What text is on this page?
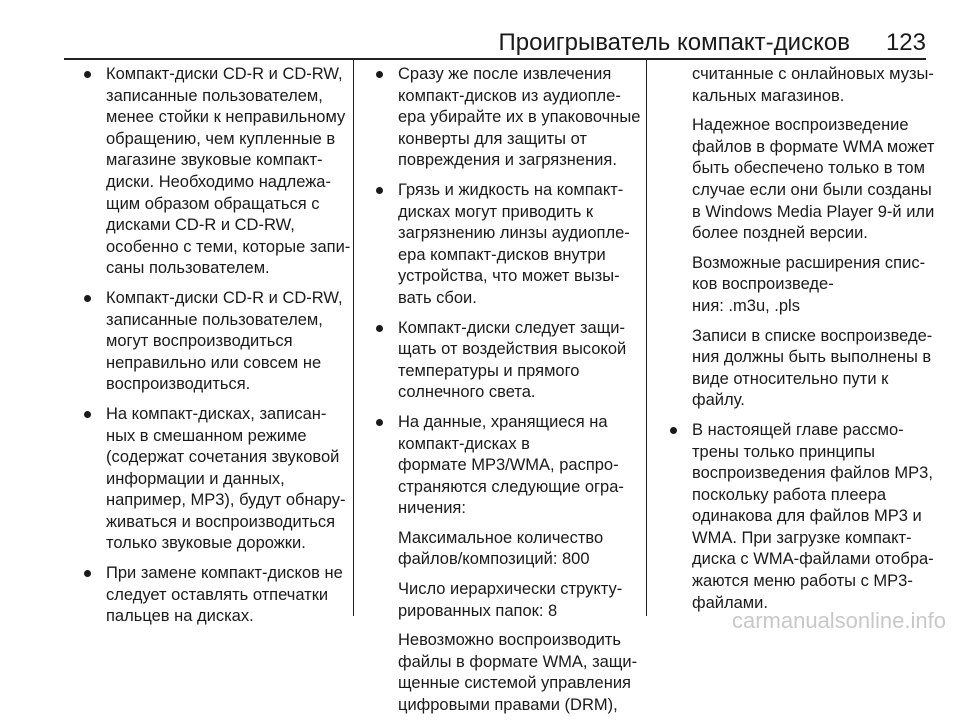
Проигрыватель компакт-дисков 123
Компакт-диски CD-R и CD-RW,
записанные пользователем,
менее стойки к неправильному
обращению, чем купленные в
магазине звуковые компакт-
диски. Необходимо надлежа-
щим образом обращаться с
дисками CD-R и CD-RW,
особенно с теми, которые запи-
саны пользователем.
Компакт-диски CD-R и CD-RW,
записанные пользователем,
могут воспроизводиться
неправильно или совсем не
воспроизводиться.
На компакт-дисках, записан-
ных в смешанном режиме
(содержат сочетания звуковой
информации и данных,
например, MP3), будут обнару-
живаться и воспроизводиться
только звуковые дорожки.
При замене компакт-дисков не
следует оставлять отпечатки
пальцев на дисках.
Сразу же после извлечения
компакт-дисков из аудиопле-
ера убирайте их в упаковочные
конверты для защиты от
повреждения и загрязнения.
Грязь и жидкость на компакт-
дисках могут приводить к
загрязнению линзы аудиопле-
ера компакт-дисков внутри
устройства, что может вызы-
вать сбои.
Компакт-диски следует защи-
щать от воздействия высокой
температуры и прямого
солнечного света.
На данные, хранящиеся на
компакт-дисках в
формате MP3/WMA, распро-
страняются следующие огра-
ничения:
Максимальное количество
файлов/композиций: 800
Число иерархически структу-
рированных папок: 8
Невозможно воспроизводить
файлы в формате WMA, защи-
щенные системой управления
цифровыми правами (DRM),
считанные с онлайновых музы-
кальных магазинов.
Надежное воспроизведение
файлов в формате WMA может
быть обеспечено только в том
случае если они были созданы
в Windows Media Player 9-й или
более поздней версии.
Возможные расширения спис-
ков воспроизведе-
ния: .m3u, .pls
Записи в списке воспроизведе-
ния должны быть выполнены в
виде относительно пути к
файлу.
В настоящей главе рассмо-
трены только принципы
воспроизведения файлов MP3,
поскольку работа плеера
одинакова для файлов MP3 и
WMA. При загрузке компакт-
диска с WMA-файлами отобра-
жаются меню работы с MP3-
файлами.
carmanualsonline.info
